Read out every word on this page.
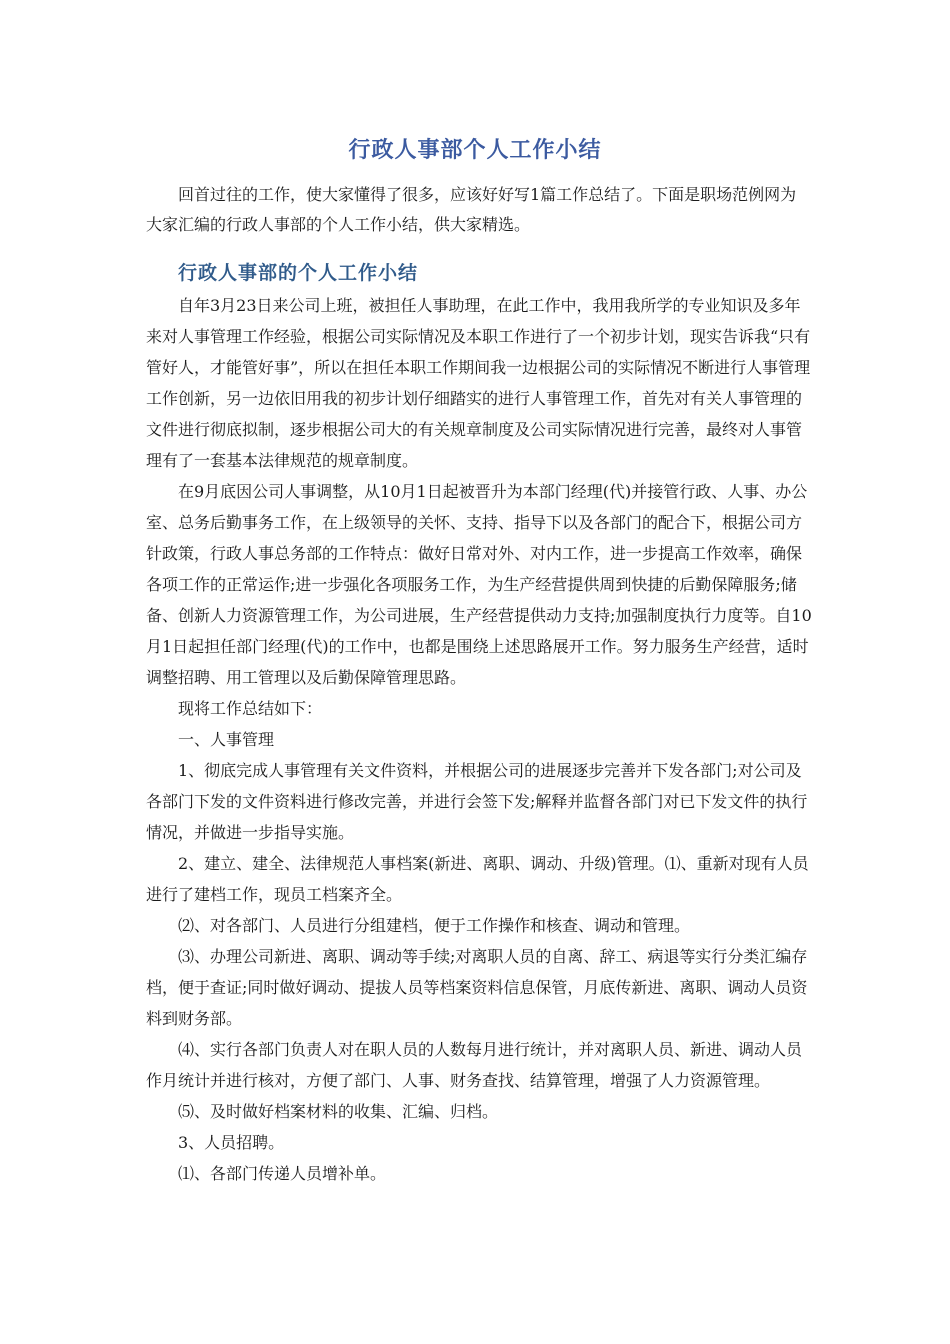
行政人事部个人工作小结

回首过往的工作，使大家懂得了很多，应该好好写1篇工作总结了。下面是职场范例网为大家汇编的行政人事部的个人工作小结，供大家精选。

行政人事部的个人工作小结

自年3月23日来公司上班，被担任人事助理，在此工作中，我用我所学的专业知识及多年来对人事管理工作经验，根据公司实际情况及本职工作进行了一个初步计划，现实告诉我“只有管好人，才能管好事”，所以在担任本职工作期间我一边根据公司的实际情况不断进行人事管理工作创新，另一边依旧用我的初步计划仔细踏实的进行人事管理工作，首先对有关人事管理的文件进行彻底拟制，逐步根据公司大的有关规章制度及公司实际情况进行完善，最终对人事管理有了一套基本法律规范的规章制度。

在9月底因公司人事调整，从10月1日起被晋升为本部门经理(代)并接管行政、人事、办公室、总务后勤事务工作，在上级领导的关怀、支持、指导下以及各部门的配合下，根据公司方针政策，行政人事总务部的工作特点：做好日常对外、对内工作，进一步提高工作效率，确保各项工作的正常运作;进一步强化各项服务工作，为生产经营提供周到快捷的后勤保障服务;储备、创新人力资源管理工作，为公司进展，生产经营提供动力支持;加强制度执行力度等。自10月1日起担任部门经理(代)的工作中，也都是围绕上述思路展开工作。努力服务生产经营，适时调整招聘、用工管理以及后勤保障管理思路。

现将工作总结如下：

一、人事管理

1、彻底完成人事管理有关文件资料，并根据公司的进展逐步完善并下发各部门;对公司及各部门下发的文件资料进行修改完善，并进行会签下发;解释并监督各部门对已下发文件的执行情况，并做进一步指导实施。

2、建立、建全、法律规范人事档案(新进、离职、调动、升级)管理。⑴、重新对现有人员进行了建档工作，现员工档案齐全。

⑵、对各部门、人员进行分组建档，便于工作操作和核查、调动和管理。

⑶、办理公司新进、离职、调动等手续;对离职人员的自离、辞工、病退等实行分类汇编存档，便于查证;同时做好调动、提拔人员等档案资料信息保管，月底传新进、离职、调动人员资料到财务部。

⑷、实行各部门负责人对在职人员的人数每月进行统计，并对离职人员、新进、调动人员作月统计并进行核对，方便了部门、人事、财务查找、结算管理，增强了人力资源管理。

⑸、及时做好档案材料的收集、汇编、归档。

3、人员招聘。

⑴、各部门传递人员增补单。
